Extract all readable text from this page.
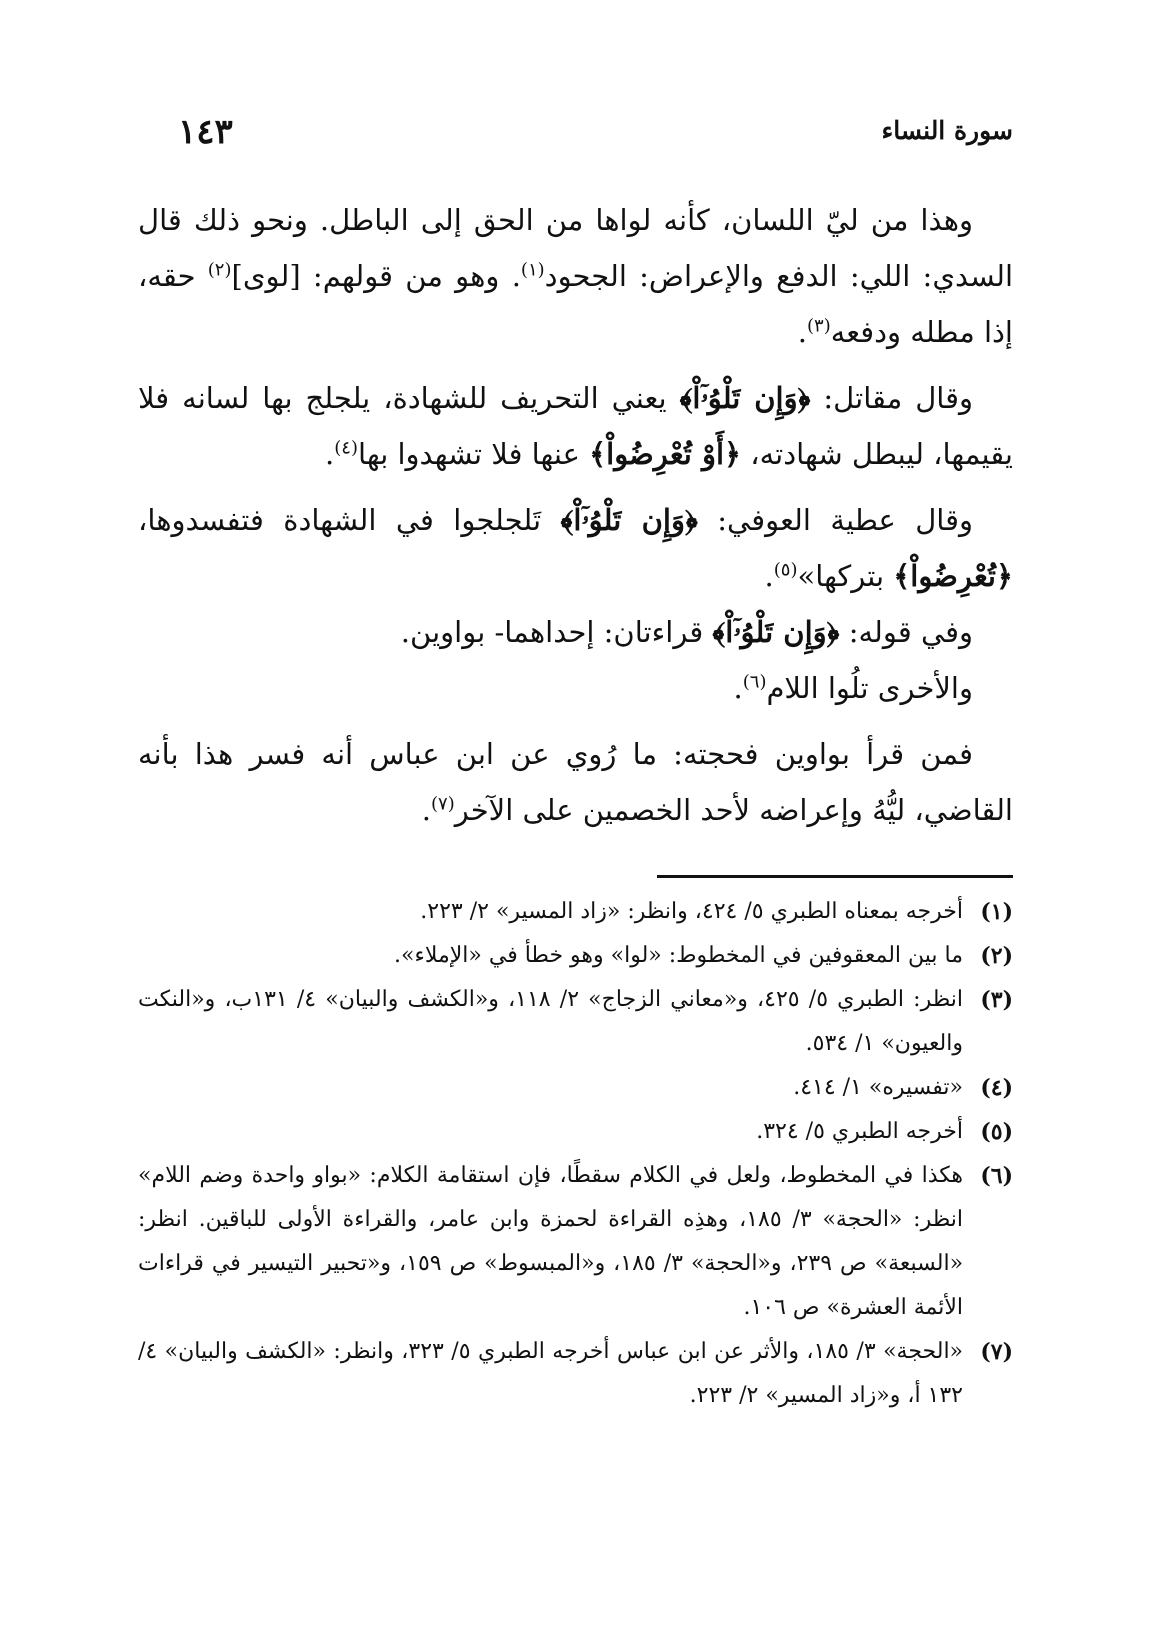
سورة النساء
١٤٣

وهذا من ليّ اللسان، كأنه لواها من الحق إلى الباطل. ونحو ذلك قال السدي: اللي: الدفع والإعراض: الجحود$^{(١)}$. وهو من قولهم: [لوى]$^{(٢)}$ حقه، إذا مطله ودفعه$^{(٣)}$.

وقال مقاتل: ﴿وَإِن تَلْوُۥٓاْ﴾ يعني التحريف للشهادة، يلجلج بها لسانه فلا يقيمها، ليبطل شهادته، ﴿أَوْ تُعْرِضُواْ﴾ عنها فلا تشهدوا بها$^{(٤)}$.

وقال عطية العوفي: ﴿وَإِن تَلْوُۥٓاْ﴾ تَلجلجوا في الشهادة فتفسدوها، ﴿تُعْرِضُواْ﴾ بتركها»$^{(٥)}$.

وفي قوله: ﴿وَإِن تَلْوُۥٓاْ﴾ قراءتان: إحداهما- بواوين.

والأخرى تلُوا اللام$^{(٦)}$.

فمن قرأ بواوين فحجته: ما رُوي عن ابن عباس أنه فسر هذا بأنه القاضي، ليُّهُ وإعراضه لأحد الخصمين على الآخر$^{(٧)}$.

(١)
أخرجه بمعناه الطبري ٥/ ٤٢٤، وانظر: «زاد المسير» ٢/ ٢٢٣.
(٢)
ما بين المعقوفين في المخطوط: «لوا» وهو خطأ في «الإملاء».
(٣)
انظر: الطبري ٥/ ٤٢٥، و«معاني الزجاج» ٢/ ١١٨، و«الكشف والبيان» ٤/ ١٣١ب، و«النكت والعيون» ١/ ٥٣٤.
(٤)
«تفسيره» ١/ ٤١٤.
(٥)
أخرجه الطبري ٥/ ٣٢٤.
(٦)
هكذا في المخطوط، ولعل في الكلام سقطًا، فإن استقامة الكلام: «بواو واحدة وضم اللام» انظر: «الحجة» ٣/ ١٨٥، وهذِه القراءة لحمزة وابن عامر، والقراءة الأولى للباقين. انظر: «السبعة» ص ٢٣٩، و«الحجة» ٣/ ١٨٥، و«المبسوط» ص ١٥٩، و«تحبير التيسير في قراءات الأئمة العشرة» ص ١٠٦.
(٧)
«الحجة» ٣/ ١٨٥، والأثر عن ابن عباس أخرجه الطبري ٥/ ٣٢٣، وانظر: «الكشف والبيان» ٤/ ١٣٢ أ، و«زاد المسير» ٢/ ٢٢٣.
